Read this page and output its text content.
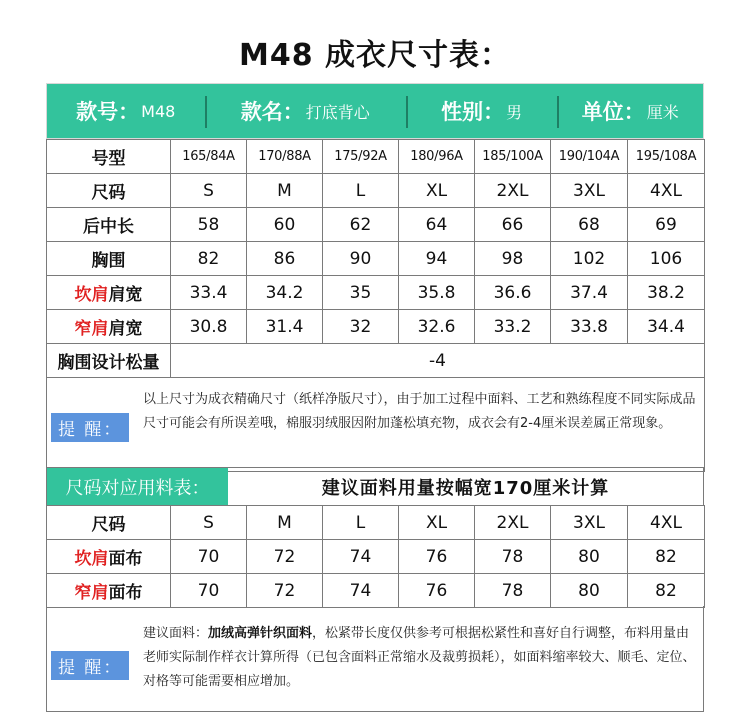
M48 成衣尺寸表：
款号： M48	款名： 打底背心	性别： 男	单位： 厘米
号型	165/84A	170/88A	175/92A	180/96A	185/100A	190/104A	195/108A
尺码	S	M	L	XL	2XL	3XL	4XL
后中长	58	60	62	64	66	68	69
胸围	82	86	90	94	98	102	106
坎肩肩宽	33.4	34.2	35	35.8	36.6	37.4	38.2
窄肩肩宽	30.8	31.4	32	32.6	33.2	33.8	34.4
胸围设计松量	-4						

提 醒：
以上尺寸为成衣精确尺寸（纸样净版尺寸），由于加工过程中面料、工艺和熟练程度不同实际成品尺寸可能会有所误差哦，棉服羽绒服因附加蓬松填充物，成衣会有2-4厘米误差属正常现象。							
尺码对应用料表：	建议面料用量按幅宽170厘米计算
尺码	S	M	L	XL	2XL	3XL	4XL
坎肩面布	70	72	74	76	78	80	82
窄肩面布	70	72	74	76	78	80	82
提 醒：
建议面料：加绒高弹针织面料，松紧带长度仅供参考可根据松紧性和喜好自行调整，布料用量由老师实际制作样衣计算所得（已包含面料正常缩水及裁剪损耗），如面料缩率较大、顺毛、定位、对格等可能需要相应增加。
